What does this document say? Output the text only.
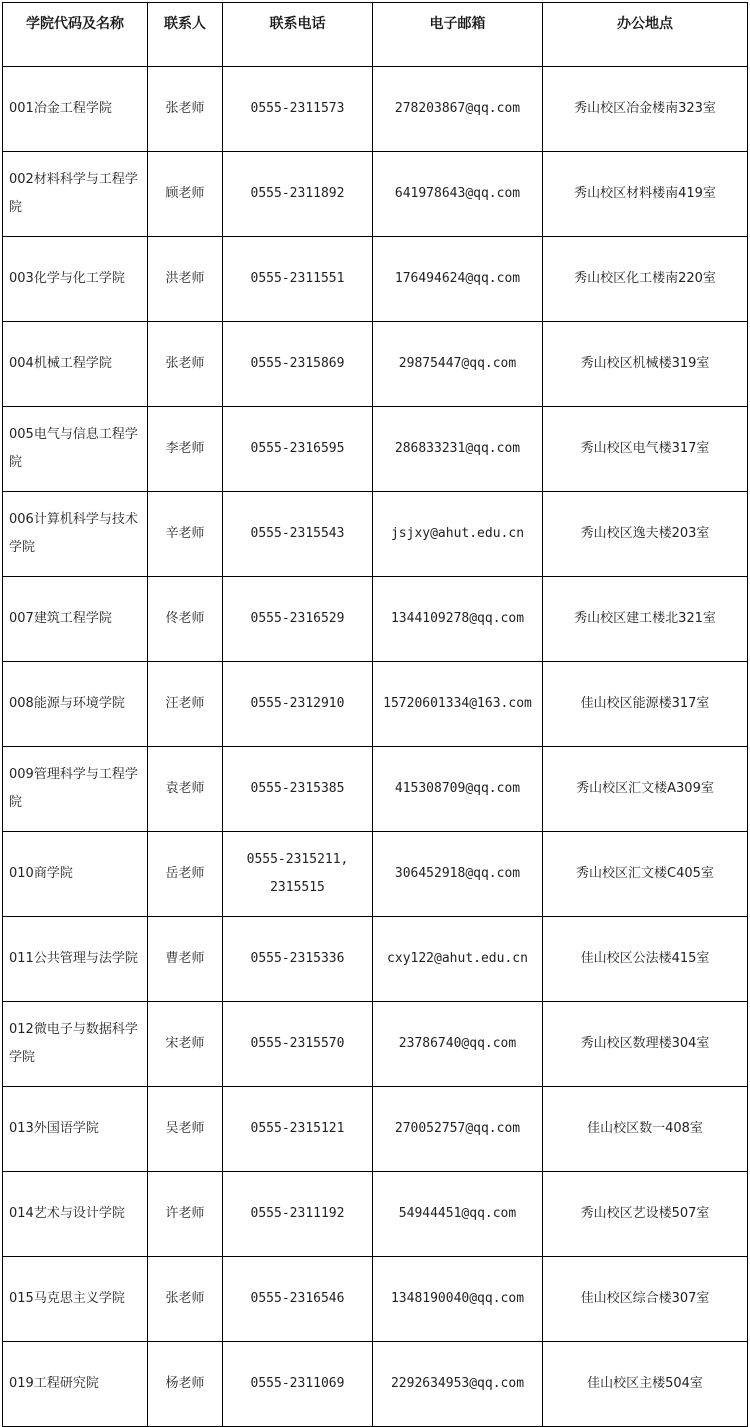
学院代码及名称	联系人	联系电话	电子邮箱	办公地点
001冶金工程学院	张老师	0555-2311573	278203867@qq.com	秀山校区冶金楼南323室
002材料科学与工程学院	顾老师	0555-2311892	641978643@qq.com	秀山校区材料楼南419室
003化学与化工学院	洪老师	0555-2311551	176494624@qq.com	秀山校区化工楼南220室
004机械工程学院	张老师	0555-2315869	29875447@qq.com	秀山校区机械楼319室
005电气与信息工程学院	李老师	0555-2316595	286833231@qq.com	秀山校区电气楼317室
006计算机科学与技术学院	辛老师	0555-2315543	jsjxy@ahut.edu.cn	秀山校区逸夫楼203室
007建筑工程学院	佟老师	0555-2316529	1344109278@qq.com	秀山校区建工楼北321室
008能源与环境学院	汪老师	0555-2312910	15720601334@163.com	佳山校区能源楼317室
009管理科学与工程学院	袁老师	0555-2315385	415308709@qq.com	秀山校区汇文楼A309室
010商学院	岳老师	0555-2315211, 2315515	306452918@qq.com	秀山校区汇文楼C405室
011公共管理与法学院	曹老师	0555-2315336	cxy122@ahut.edu.cn	佳山校区公法楼415室
012微电子与数据科学学院	宋老师	0555-2315570	23786740@qq.com	秀山校区数理楼304室
013外国语学院	吴老师	0555-2315121	270052757@qq.com	佳山校区数一408室
014艺术与设计学院	许老师	0555-2311192	54944451@qq.com	秀山校区艺设楼507室
015马克思主义学院	张老师	0555-2316546	1348190040@qq.com	佳山校区综合楼307室
019工程研究院	杨老师	0555-2311069	2292634953@qq.com	佳山校区主楼504室
